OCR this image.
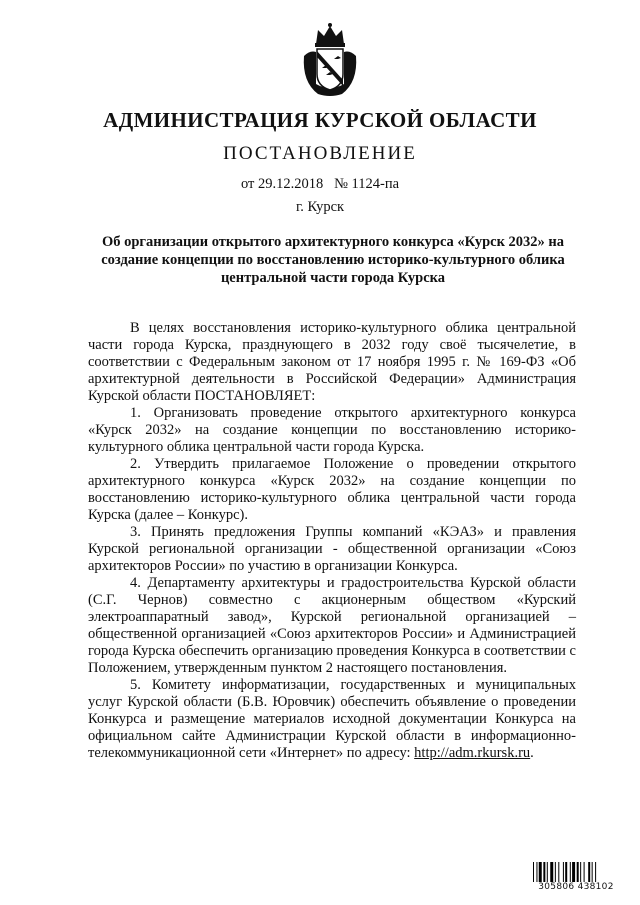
АДМИНИСТРАЦИЯ КУРСКОЙ ОБЛАСТИ
ПОСТАНОВЛЕНИЕ
от 29.12.2018   № 1124-па
г. Курск
Об организации открытого архитектурного конкурса «Курск 2032» на создание концепции по восстановлению историко-культурного облика центральной части города Курска

В целях восстановления историко-культурного облика центральной части города Курска, празднующего в 2032 году своё тысячелетие, в соответствии с Федеральным законом от 17 ноября 1995 г. № 169-ФЗ «Об архитектурной деятельности в Российской Федерации» Администрация Курской области ПОСТАНОВЛЯЕТ:

1. Организовать проведение открытого архитектурного конкурса «Курск 2032» на создание концепции по восстановлению историко-культурного облика центральной части города Курска.

2. Утвердить прилагаемое Положение о проведении открытого архитектурного конкурса «Курск 2032» на создание концепции по восстановлению историко-культурного облика центральной части города Курска (далее – Конкурс).

3. Принять предложения Группы компаний «КЭАЗ» и правления Курской региональной организации - общественной организации «Союз архитекторов России» по участию в организации Конкурса.

4. Департаменту архитектуры и градостроительства Курской области (С.Г. Чернов) совместно с акционерным обществом «Курский электроаппаратный завод», Курской региональной организацией – общественной организацией «Союз архитекторов России» и Администрацией города Курска обеспечить организацию проведения Конкурса в соответствии с Положением, утвержденным пунктом 2 настоящего постановления.

5. Комитету информатизации, государственных и муниципальных услуг Курской области (Б.В. Юровчик) обеспечить объявление о проведении Конкурса и размещение материалов исходной документации Конкурса на официальном сайте Администрации Курской области в информационно-телекоммуникационной сети «Интернет» по адресу: http://adm.rkursk.ru.

305806 438102
